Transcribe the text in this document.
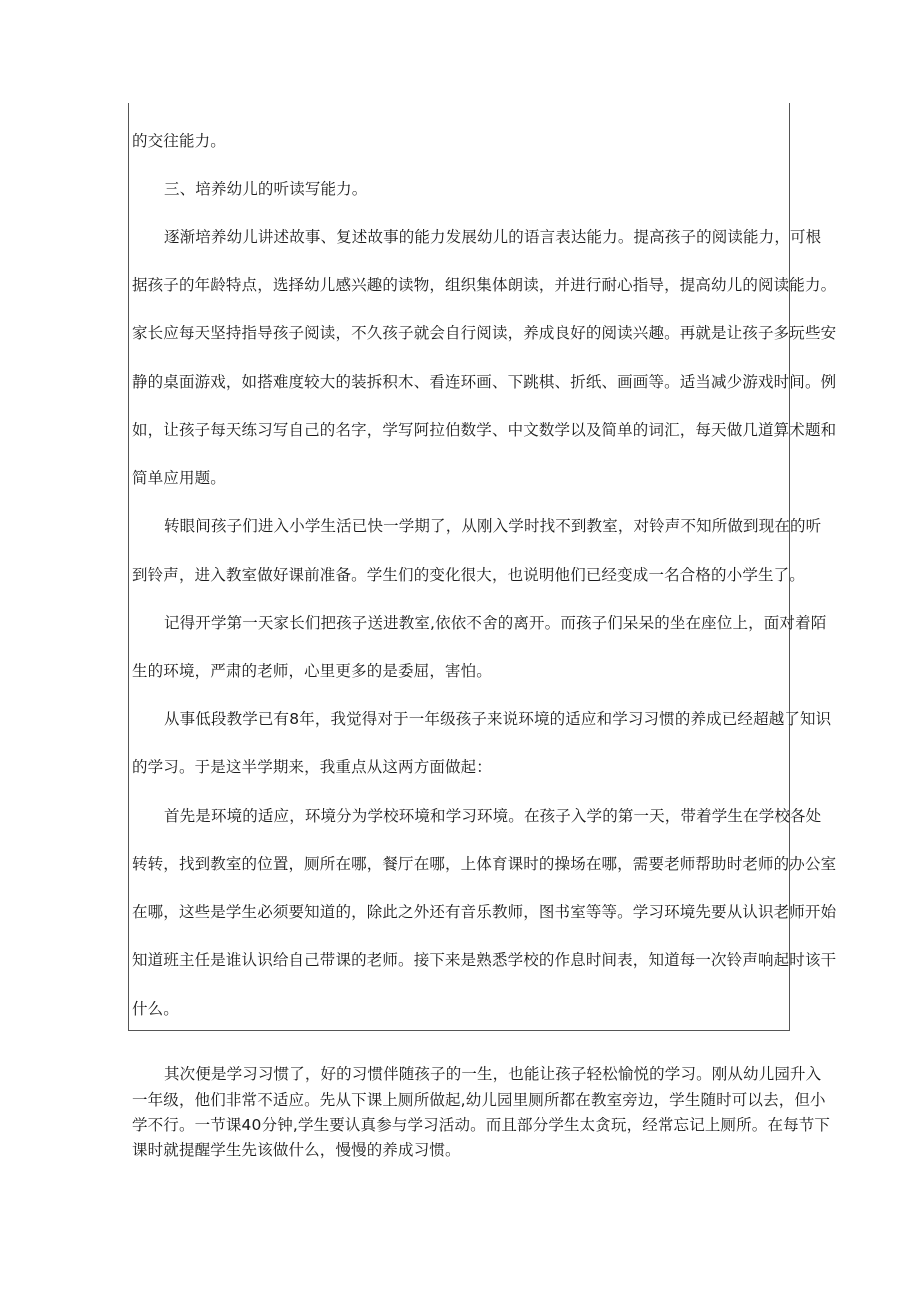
的交往能力。
三、培养幼儿的听读写能力。
逐渐培养幼儿讲述故事、复述故事的能力发展幼儿的语言表达能力。提高孩子的阅读能力，可根
据孩子的年龄特点，选择幼儿感兴趣的读物，组织集体朗读，并进行耐心指导，提高幼儿的阅读能力。
家长应每天坚持指导孩子阅读，不久孩子就会自行阅读，养成良好的阅读兴趣。再就是让孩子多玩些安
静的桌面游戏，如搭难度较大的装拆积木、看连环画、下跳棋、折纸、画画等。适当减少游戏时间。例
如，让孩子每天练习写自己的名字，学写阿拉伯数学、中文数学以及简单的词汇，每天做几道算术题和
简单应用题。
转眼间孩子们进入小学生活已快一学期了，从刚入学时找不到教室，对铃声不知所做到现在的听
到铃声，进入教室做好课前准备。学生们的变化很大，也说明他们已经变成一名合格的小学生了。
记得开学第一天家长们把孩子送进教室,依依不舍的离开。而孩子们呆呆的坐在座位上，面对着陌
生的环境，严肃的老师，心里更多的是委屈，害怕。
从事低段教学已有8年，我觉得对于一年级孩子来说环境的适应和学习习惯的养成已经超越了知识
的学习。于是这半学期来，我重点从这两方面做起：
首先是环境的适应，环境分为学校环境和学习环境。在孩子入学的第一天，带着学生在学校各处
转转，找到教室的位置，厕所在哪，餐厅在哪，上体育课时的操场在哪，需要老师帮助时老师的办公室
在哪，这些是学生必须要知道的，除此之外还有音乐教师，图书室等等。学习环境先要从认识老师开始
知道班主任是谁认识给自己带课的老师。接下来是熟悉学校的作息时间表，知道每一次铃声响起时该干
什么。
其次便是学习习惯了，好的习惯伴随孩子的一生，也能让孩子轻松愉悦的学习。刚从幼儿园升入
一年级，他们非常不适应。先从下课上厕所做起,幼儿园里厕所都在教室旁边，学生随时可以去，但小
学不行。一节课40分钟,学生要认真参与学习活动。而且部分学生太贪玩，经常忘记上厕所。在每节下
课时就提醒学生先该做什么，慢慢的养成习惯。
